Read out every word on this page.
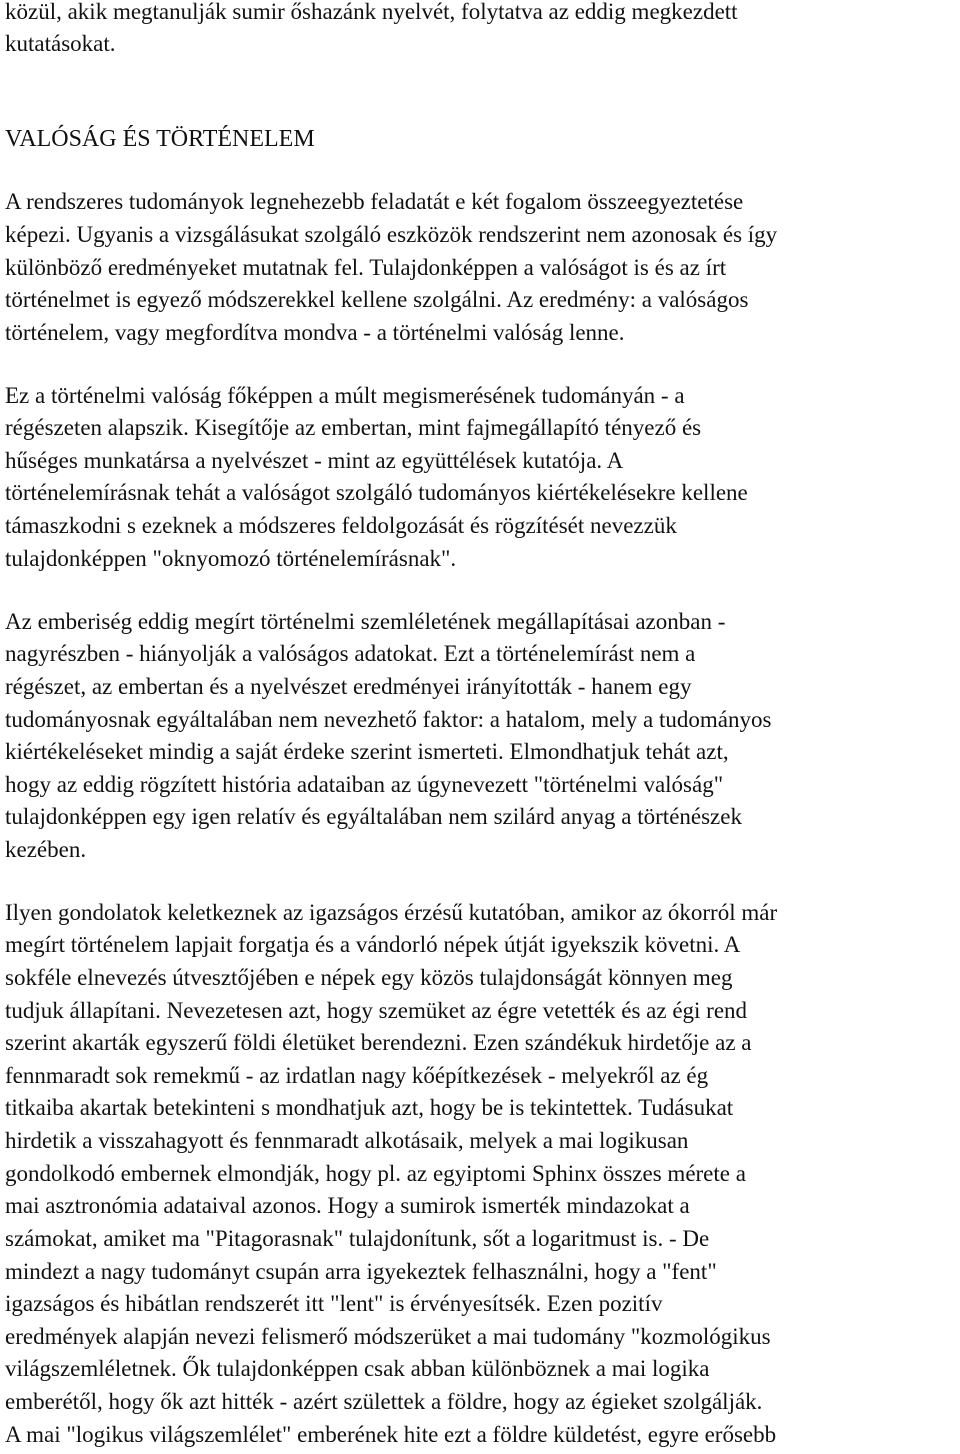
közül, akik megtanulják sumir őshazánk nyelvét, folytatva az eddig megkezdett
kutatásokat.
VALÓSÁG ÉS TÖRTÉNELEM
A rendszeres tudományok legnehezebb feladatát e két fogalom összeegyeztetése
képezi. Ugyanis a vizsgálásukat szolgáló eszközök rendszerint nem azonosak és így
különböző eredményeket mutatnak fel. Tulajdonképpen a valóságot is és az írt
történelmet is egyező módszerekkel kellene szolgálni. Az eredmény: a valóságos
történelem, vagy megfordítva mondva - a történelmi valóság lenne.
Ez a történelmi valóság főképpen a múlt megismerésének tudományán - a
régészeten alapszik. Kisegítője az embertan, mint fajmegállapító tényező és
hűséges munkatársa a nyelvészet - mint az együttélések kutatója. A
történelemírásnak tehát a valóságot szolgáló tudományos kiértékelésekre kellene
támaszkodni s ezeknek a módszeres feldolgozását és rögzítését nevezzük
tulajdonképpen "oknyomozó történelemírásnak".
Az emberiség eddig megírt történelmi szemléletének megállapításai azonban -
nagyrészben - hiányolják a valóságos adatokat. Ezt a történelemírást nem a
régészet, az embertan és a nyelvészet eredményei irányították - hanem egy
tudományosnak egyáltalában nem nevezhető faktor: a hatalom, mely a tudományos
kiértékeléseket mindig a saját érdeke szerint ismerteti. Elmondhatjuk tehát azt,
hogy az eddig rögzített história adataiban az úgynevezett "történelmi valóság"
tulajdonképpen egy igen relatív és egyáltalában nem szilárd anyag a történészek
kezében.
Ilyen gondolatok keletkeznek az igazságos érzésű kutatóban, amikor az ókorról már
megírt történelem lapjait forgatja és a vándorló népek útját igyekszik követni. A
sokféle elnevezés útvesztőjében e népek egy közös tulajdonságát könnyen meg
tudjuk állapítani. Nevezetesen azt, hogy szemüket az égre vetették és az égi rend
szerint akarták egyszerű földi életüket berendezni. Ezen szándékuk hirdetője az a
fennmaradt sok remekmű - az irdatlan nagy kőépítkezések - melyekről az ég
titkaiba akartak betekinteni s mondhatjuk azt, hogy be is tekintettek. Tudásukat
hirdetik a visszahagyott és fennmaradt alkotásaik, melyek a mai logikusan
gondolkodó embernek elmondják, hogy pl. az egyiptomi Sphinx összes mérete a
mai asztronómia adataival azonos. Hogy a sumirok ismerték mindazokat a
számokat, amiket ma "Pitagorasnak" tulajdonítunk, sőt a logaritmust is. - De
mindezt a nagy tudományt csupán arra igyekeztek felhasználni, hogy a "fent"
igazságos és hibátlan rendszerét itt "lent" is érvényesítsék. Ezen pozitív
eredmények alapján nevezi felismerő módszerüket a mai tudomány "kozmológikus
világszemléletnek. Ők tulajdonképpen csak abban különböznek a mai logika
emberétől, hogy ők azt hitték - azért születtek a földre, hogy az égieket szolgálják.
A mai "logikus világszemlélet" emberének hite ezt a földre küldetést, egyre erősebb
